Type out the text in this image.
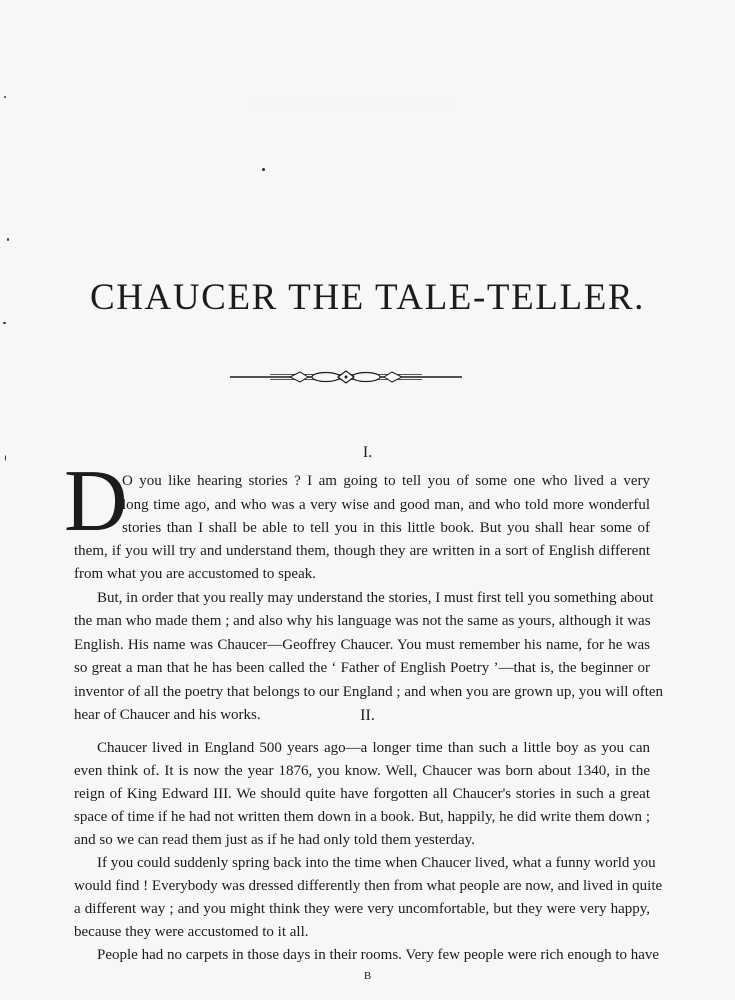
· · · · · · · · · · · · · · · · · · · · · · · · · · ·
CHAUCER THE TALE-TELLER.
I.
D
O you like hearing stories ? I am going to tell you of some one who lived a very
long time ago, and who was a very wise and good man, and who told more wonderful
stories than I shall be able to tell you in this little book. But you shall hear some of
them, if you will try and understand them, though they are written in a sort of English different
from what you are accustomed to speak.
But, in order that you really may understand the stories, I must first tell you something about
the man who made them ; and also why his language was not the same as yours, although it was
English. His name was Chaucer—Geoffrey Chaucer. You must remember his name, for he was
so great a man that he has been called the ‘ Father of English Poetry ’—that is, the beginner or
inventor of all the poetry that belongs to our England ; and when you are grown up, you will often
hear of Chaucer and his works.	II.
Chaucer lived in England 500 years ago—a longer time than such a little boy as you can
even think of. It is now the year 1876, you know. Well, Chaucer was born about 1340, in the
reign of King Edward III. We should quite have forgotten all Chaucer's stories in such a great
space of time if he had not written them down in a book. But, happily, he did write them down ;
and so we can read them just as if he had only told them yesterday.
If you could suddenly spring back into the time when Chaucer lived, what a funny world you
would find ! Everybody was dressed differently then from what people are now, and lived in quite
a different way ; and you might think they were very uncomfortable, but they were very happy,
because they were accustomed to it all.
People had no carpets in those days in their rooms. Very few people were rich enough to have
B
